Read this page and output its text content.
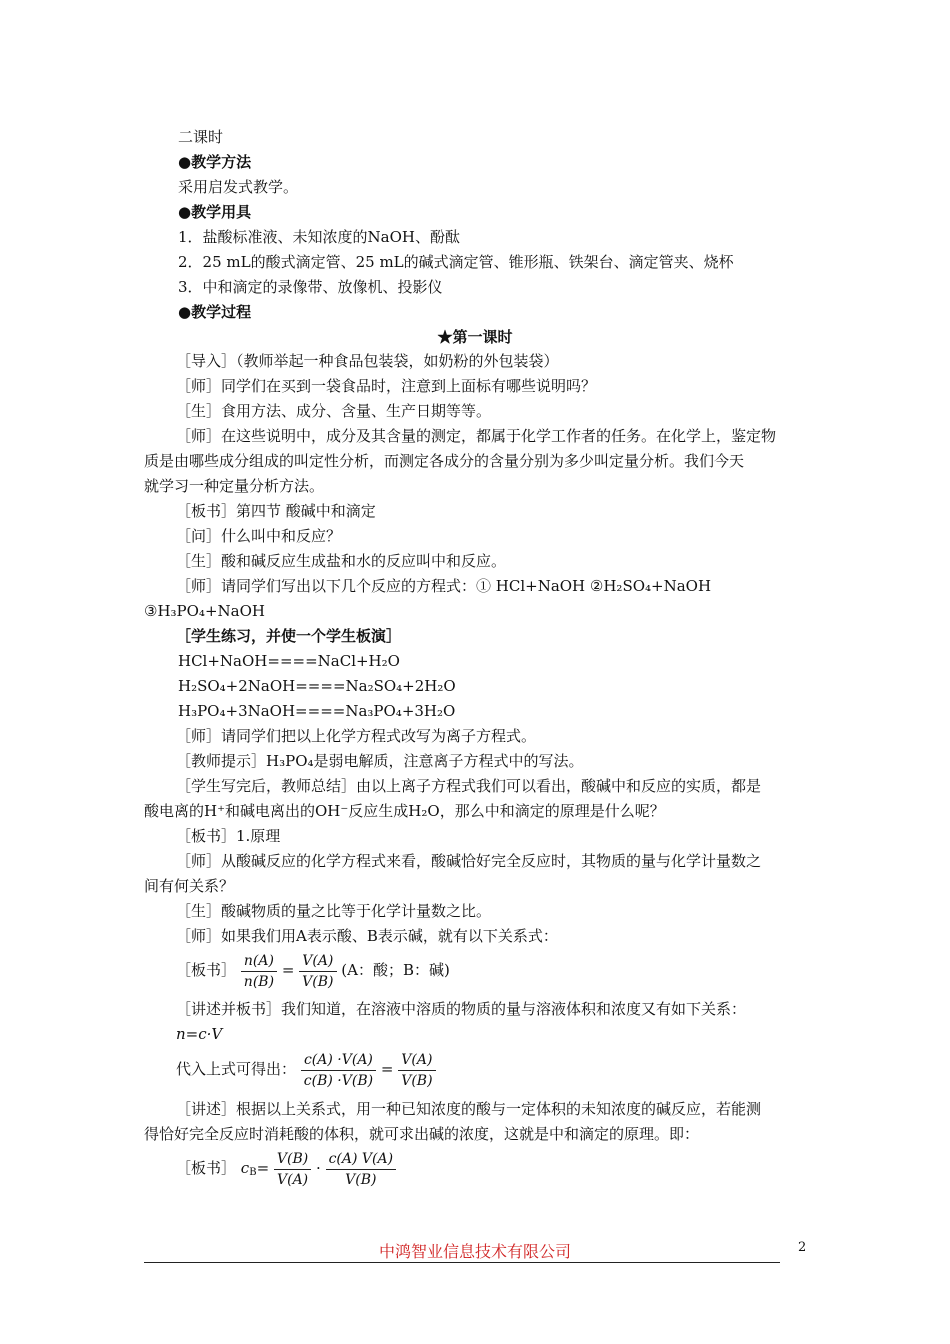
二课时
●教学方法
采用启发式教学。
●教学用具
1．盐酸标准液、未知浓度的NaOH、酚酞
2．25 mL的酸式滴定管、25 mL的碱式滴定管、锥形瓶、铁架台、滴定管夹、烧杯
3．中和滴定的录像带、放像机、投影仪
●教学过程
★第一课时
［导入］（教师举起一种食品包装袋，如奶粉的外包装袋）
［师］同学们在买到一袋食品时，注意到上面标有哪些说明吗？
［生］食用方法、成分、含量、生产日期等等。
［师］在这些说明中，成分及其含量的测定，都属于化学工作者的任务。在化学上，鉴定物
质是由哪些成分组成的叫定性分析，而测定各成分的含量分别为多少叫定量分析。我们今天
就学习一种定量分析方法。
［板书］第四节 酸碱中和滴定
［问］什么叫中和反应？
［生］酸和碱反应生成盐和水的反应叫中和反应。
［师］请同学们写出以下几个反应的方程式：① HCl+NaOH ②H₂SO₄+NaOH
③H₃PO₄+NaOH
［学生练习，并使一个学生板演］
HCl+NaOH====NaCl+H₂O
H₂SO₄+2NaOH====Na₂SO₄+2H₂O
H₃PO₄+3NaOH====Na₃PO₄+3H₂O
［师］请同学们把以上化学方程式改写为离子方程式。
［教师提示］H₃PO₄是弱电解质，注意离子方程式中的写法。
［学生写完后，教师总结］由以上离子方程式我们可以看出，酸碱中和反应的实质，都是
酸电离的H⁺和碱电离出的OH⁻反应生成H₂O，那么中和滴定的原理是什么呢？
［板书］1.原理
［师］从酸碱反应的化学方程式来看，酸碱恰好完全反应时，其物质的量与化学计量数之
间有何关系？
［生］酸碱物质的量之比等于化学计量数之比。
［师］如果我们用A表示酸、B表示碱，就有以下关系式：
［板书］ $\frac{n(A)}{n(B)} = \frac{V(A)}{V(B)} (A$：酸；B：碱)
［讲述并板书］我们知道，在溶液中溶质的物质的量与溶液体积和浓度又有如下关系：
n=c·V
代入上式可得出： $\frac{c(A) \cdot V(A)}{c(B) \cdot V(B)} = \frac{V(A)}{V(B)}$
［讲述］根据以上关系式，用一种已知浓度的酸与一定体积的未知浓度的碱反应，若能测
得恰好完全反应时消耗酸的体积，就可求出碱的浓度，这就是中和滴定的原理。即：
［板书］ $c_B= \frac{V(B)}{V(A)} \cdot \frac{c(A) V(A)}{V(B)}$
中鸿智业信息技术有限公司	2
